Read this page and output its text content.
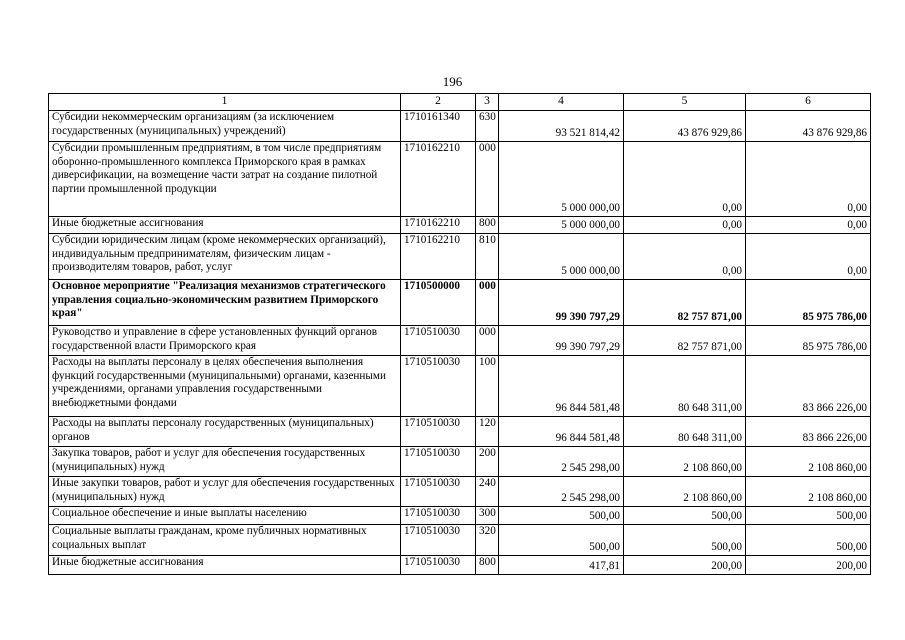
196
1	2	3	4	5	6
Субсидии некоммерческим организациям (за исключением государственных (муниципальных) учреждений)	1710161340	630	93 521 814,42	43 876 929,86	43 876 929,86
Субсидии промышленным предприятиям, в том числе предприятиям оборонно-промышленного комплекса Приморского края в рамках диверсификации, на возмещение части затрат на создание пилотной партии промышленной продукции	1710162210	000	5 000 000,00	0,00	0,00
Иные бюджетные ассигнования	1710162210	800	5 000 000,00	0,00	0,00
Субсидии юридическим лицам (кроме некоммерческих организаций), индивидуальным предпринимателям, физическим лицам - производителям товаров, работ, услуг	1710162210	810	5 000 000,00	0,00	0,00
Основное мероприятие "Реализация механизмов стратегического управления социально-экономическим развитием Приморского края"	1710500000	000	99 390 797,29	82 757 871,00	85 975 786,00
Руководство и управление в сфере установленных функций органов государственной власти Приморского края	1710510030	000	99 390 797,29	82 757 871,00	85 975 786,00
Расходы на выплаты персоналу в целях обеспечения выполнения функций государственными (муниципальными) органами, казенными учреждениями, органами управления государственными внебюджетными фондами	1710510030	100	96 844 581,48	80 648 311,00	83 866 226,00
Расходы на выплаты персоналу государственных (муниципальных) органов	1710510030	120	96 844 581,48	80 648 311,00	83 866 226,00
Закупка товаров, работ и услуг для обеспечения государственных (муниципальных) нужд	1710510030	200	2 545 298,00	2 108 860,00	2 108 860,00
Иные закупки товаров, работ и услуг для обеспечения государственных (муниципальных) нужд	1710510030	240	2 545 298,00	2 108 860,00	2 108 860,00
Социальное обеспечение и иные выплаты населению	1710510030	300	500,00	500,00	500,00
Социальные выплаты гражданам, кроме публичных нормативных социальных выплат	1710510030	320	500,00	500,00	500,00
Иные бюджетные ассигнования	1710510030	800	417,81	200,00	200,00
